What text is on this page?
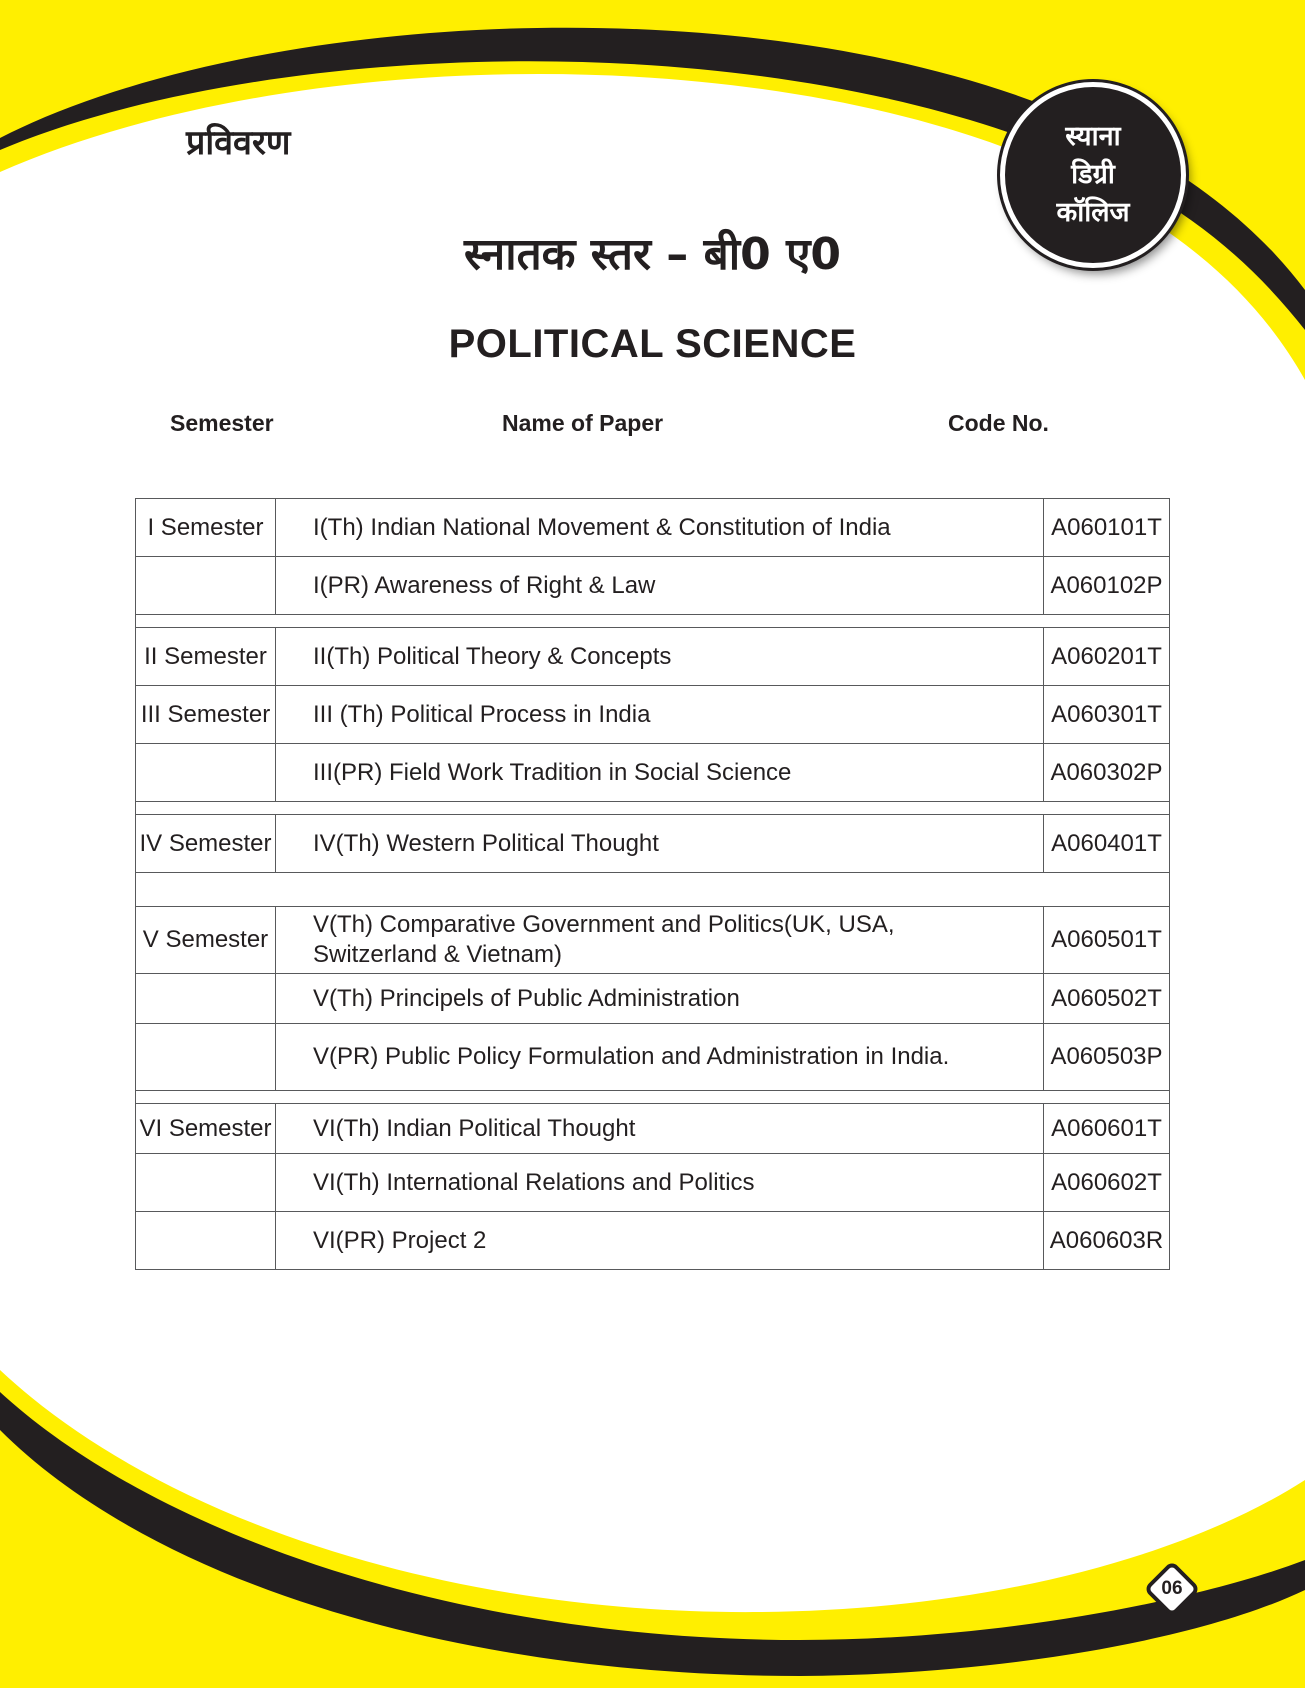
प्रविवरण	स्याना
डिग्री
कॉलिज
स्नातक स्तर – बी0 ए0
POLITICAL SCIENCE
Semester	Name of Paper	Code No.
I Semester	I(Th) Indian National Movement & Constitution of India	A060101T
	I(PR) Awareness of Right & Law	A060102P

II Semester	II(Th) Political Theory & Concepts	A060201T
III Semester	III (Th) Political Process in India	A060301T
	III(PR) Field Work Tradition in Social Science	A060302P

IV Semester	IV(Th) Western Political Thought	A060401T

V Semester	V(Th) Comparative Government and Politics(UK, USA, Switzerland & Vietnam)	A060501T
	V(Th) Principels of Public Administration	A060502T
	V(PR) Public Policy Formulation and Administration in India.	A060503P

VI Semester	VI(Th) Indian Political Thought	A060601T
	VI(Th) International Relations and Politics	A060602T
	VI(PR) Project 2	A060603R
06
